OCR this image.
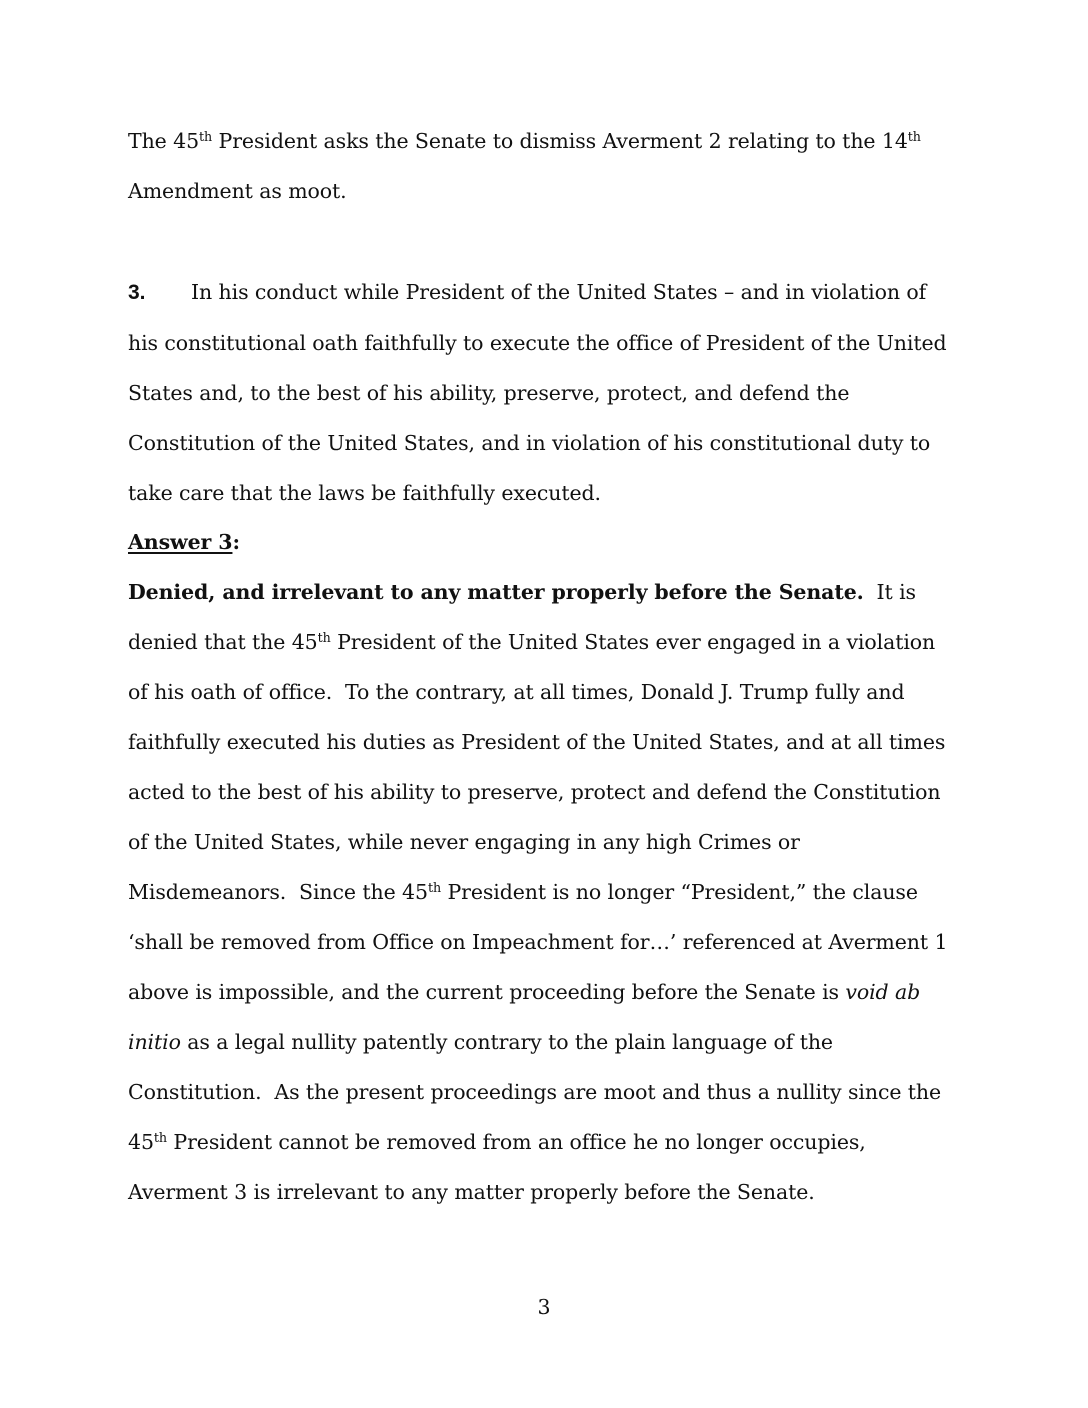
The 45th President asks the Senate to dismiss Averment 2 relating to the 14th
Amendment as moot.
3. In his conduct while President of the United States – and in violation of
his constitutional oath faithfully to execute the office of President of the United
States and, to the best of his ability, preserve, protect, and defend the
Constitution of the United States, and in violation of his constitutional duty to
take care that the laws be faithfully executed.
Answer 3:
Denied, and irrelevant to any matter properly before the Senate.  It is
denied that the 45th President of the United States ever engaged in a violation
of his oath of office.  To the contrary, at all times, Donald J. Trump fully and
faithfully executed his duties as President of the United States, and at all times
acted to the best of his ability to preserve, protect and defend the Constitution
of the United States, while never engaging in any high Crimes or
Misdemeanors.  Since the 45th President is no longer “President,” the clause
‘shall be removed from Office on Impeachment for…’ referenced at Averment 1
above is impossible, and the current proceeding before the Senate is void ab
initio as a legal nullity patently contrary to the plain language of the
Constitution.  As the present proceedings are moot and thus a nullity since the
45th President cannot be removed from an office he no longer occupies,
Averment 3 is irrelevant to any matter properly before the Senate.
3
